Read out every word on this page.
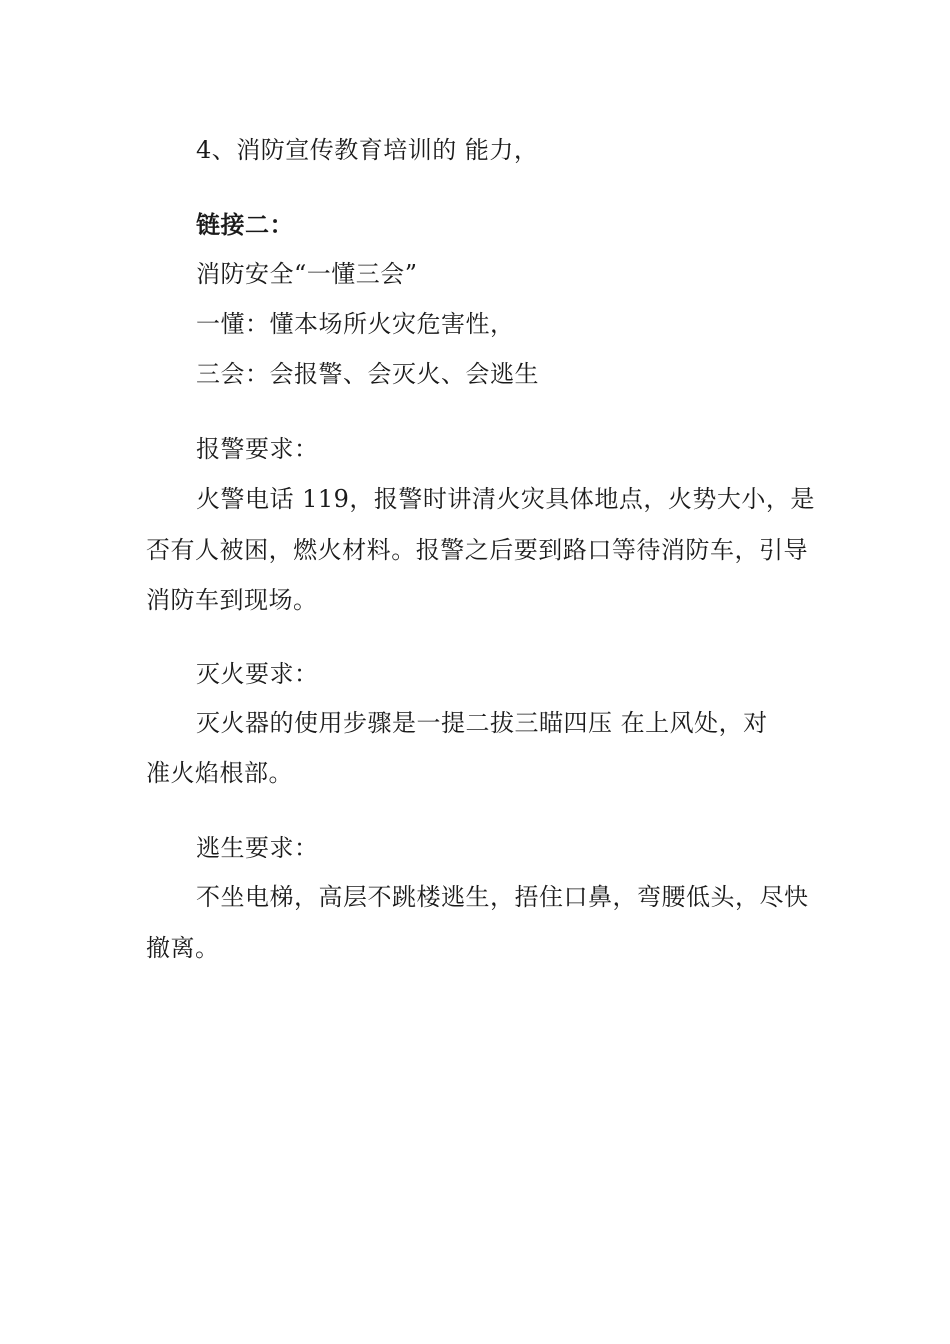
4、消防宣传教育培训的 能力，
链接二：
消防安全“一懂三会”
一懂：懂本场所火灾危害性，
三会：会报警、会灭火、会逃生
报警要求：
火警电话 119，报警时讲清火灾具体地点，火势大小，是
否有人被困，燃火材料。报警之后要到路口等待消防车，引导
消防车到现场。
灭火要求：
灭火器的使用步骤是一提二拔三瞄四压 在上风处，对
准火焰根部。
逃生要求：
不坐电梯，高层不跳楼逃生，捂住口鼻，弯腰低头，尽快
撤离。
